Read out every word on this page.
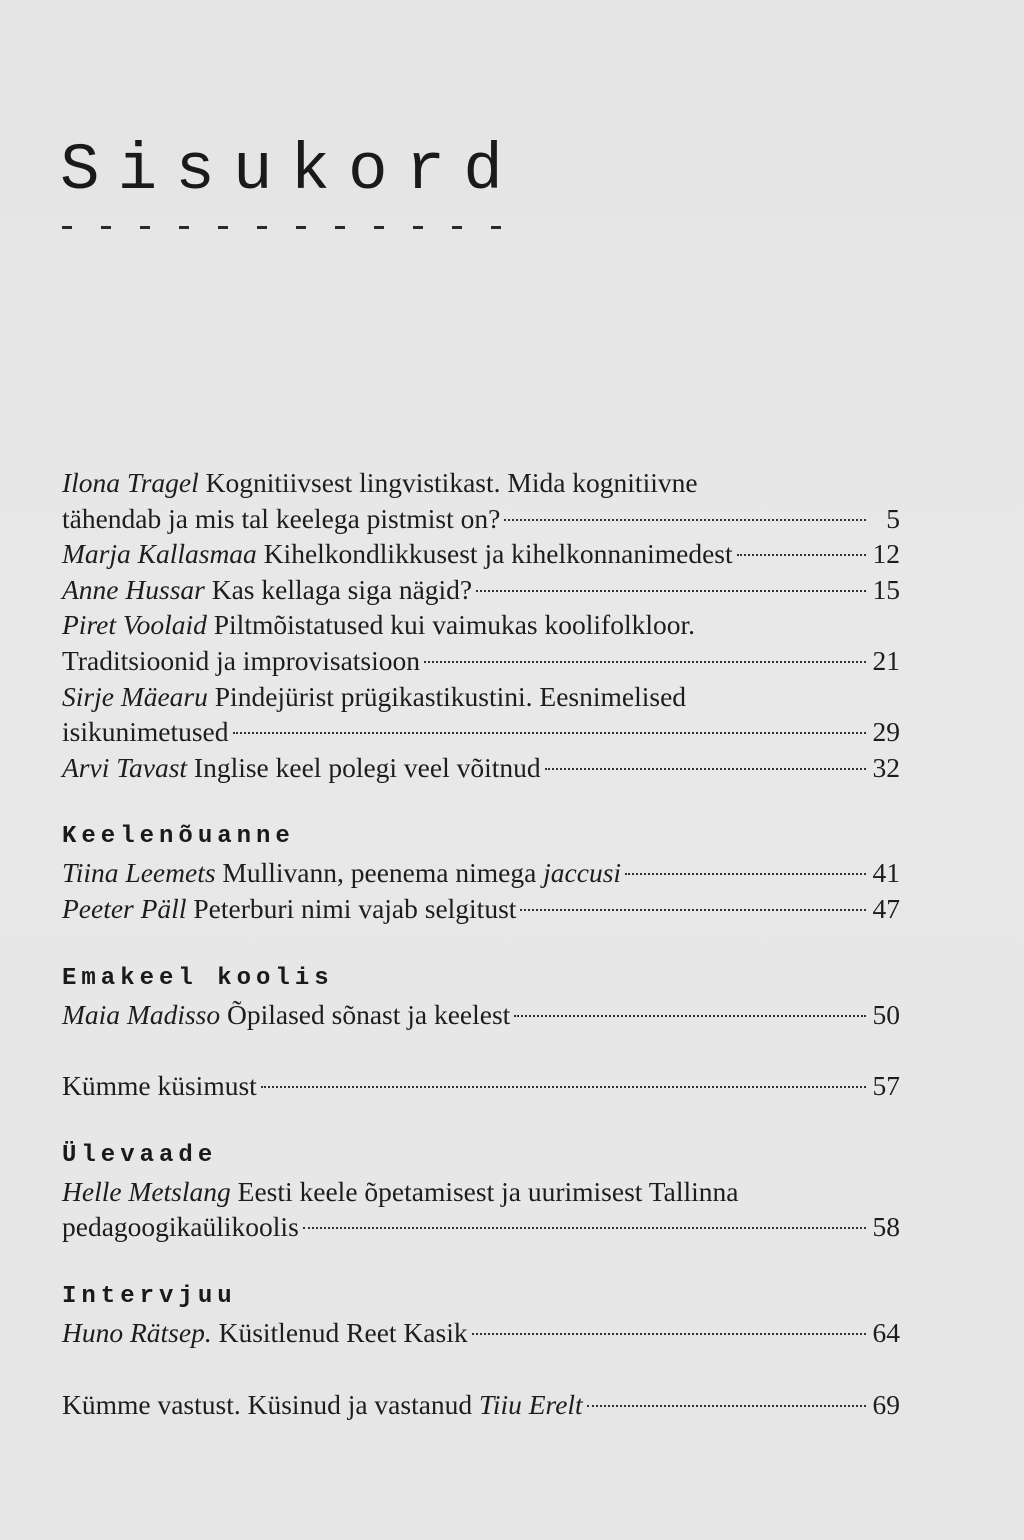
Sisukord
Ilona Tragel Kognitiivsest lingvistikast. Mida kognitiivne
tähendab ja mis tal keelega pistmist on?	5
Marja Kallasmaa Kihelkondlikkusest ja kihelkonnanimedest	12
Anne Hussar Kas kellaga siga nägid?	15
Piret Voolaid Piltmõistatused kui vaimukas koolifolkloor.
Traditsioonid ja improvisatsioon	21
Sirje Mäearu Pindejürist prügikastikustini. Eesnimelised
isikunimetused	29
Arvi Tavast Inglise keel polegi veel võitnud	32
Keelenõuanne
Tiina Leemets Mullivann, peenema nimega jaccusi	41
Peeter Päll Peterburi nimi vajab selgitust	47
Emakeel koolis
Maia Madisso Õpilased sõnast ja keelest	50
Kümme küsimust	57
Ülevaade
Helle Metslang Eesti keele õpetamisest ja uurimisest Tallinna
pedagoogikaülikoolis	58
Intervjuu
Huno Rätsep. Küsitlenud Reet Kasik	64
Kümme vastust. Küsinud ja vastanud Tiiu Erelt	69
